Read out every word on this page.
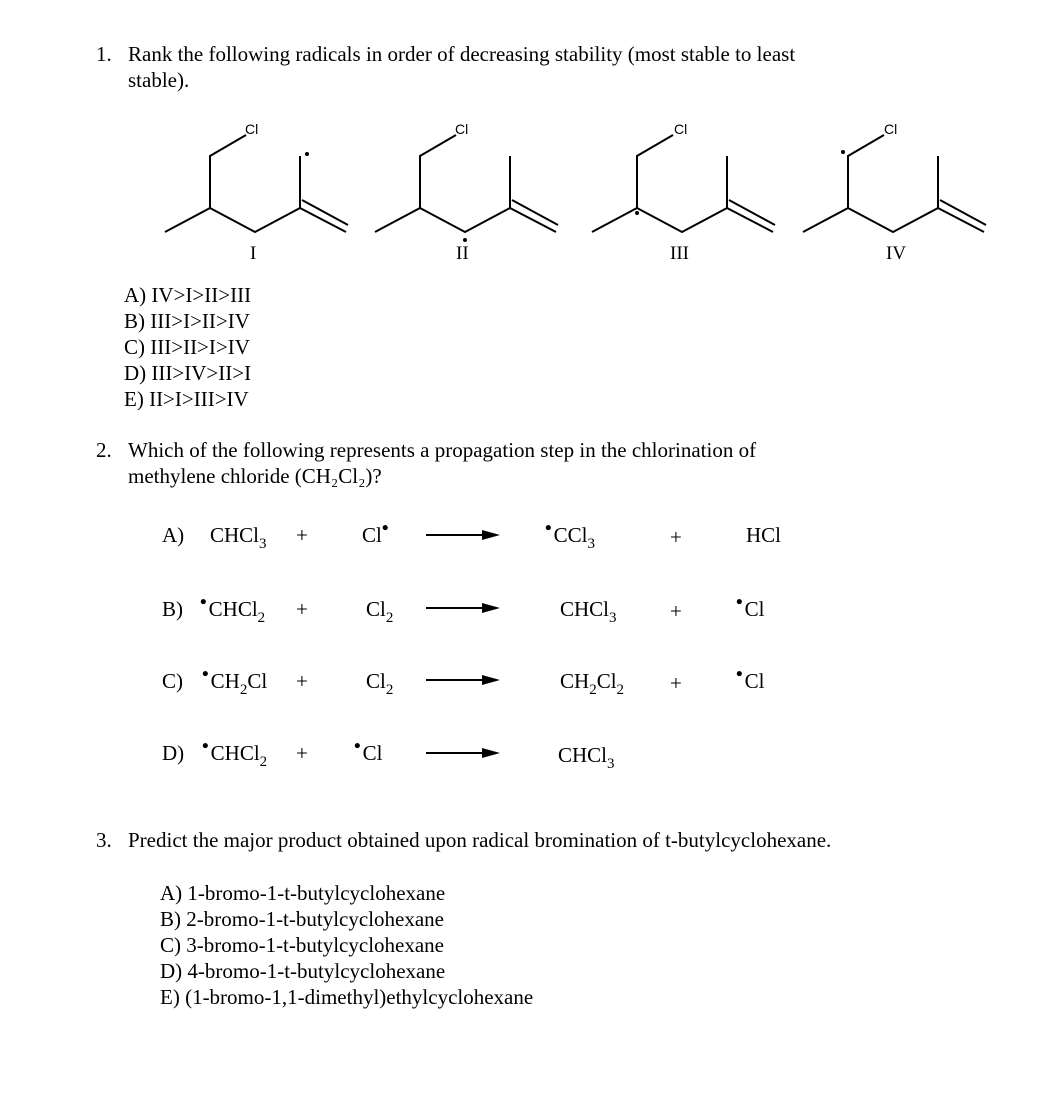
1. Rank the following radicals in order of decreasing stability (most stable to least
stable).
Cl
I
Cl
II
Cl
III
Cl
IV
A) IV>I>II>III
B) III>I>II>IV
C) III>II>I>IV
D) III>IV>II>I
E) II>I>III>IV
2. Which of the following represents a propagation step in the chlorination of
methylene chloride (CH₂Cl₂)?
A) CHCl$_3$ +	Cl•	•CCl$_3$	+	HCl
B) •CHCl$_2$ +	$Cl_2$	CHCl$_3$	+	•Cl
C) $•CH_2Cl$ +	$Cl_2$	$CH_2Cl_2$ +	•Cl
D) •CHCl$_2$ + •Cl	CHCl$_3$
3. Predict the major product obtained upon radical bromination of t-butylcyclohexane.
A) 1-bromo-1-t-butylcyclohexane
B) 2-bromo-1-t-butylcyclohexane
C) 3-bromo-1-t-butylcyclohexane
D) 4-bromo-1-t-butylcyclohexane
E) (1-bromo-1,1-dimethyl)ethylcyclohexane
